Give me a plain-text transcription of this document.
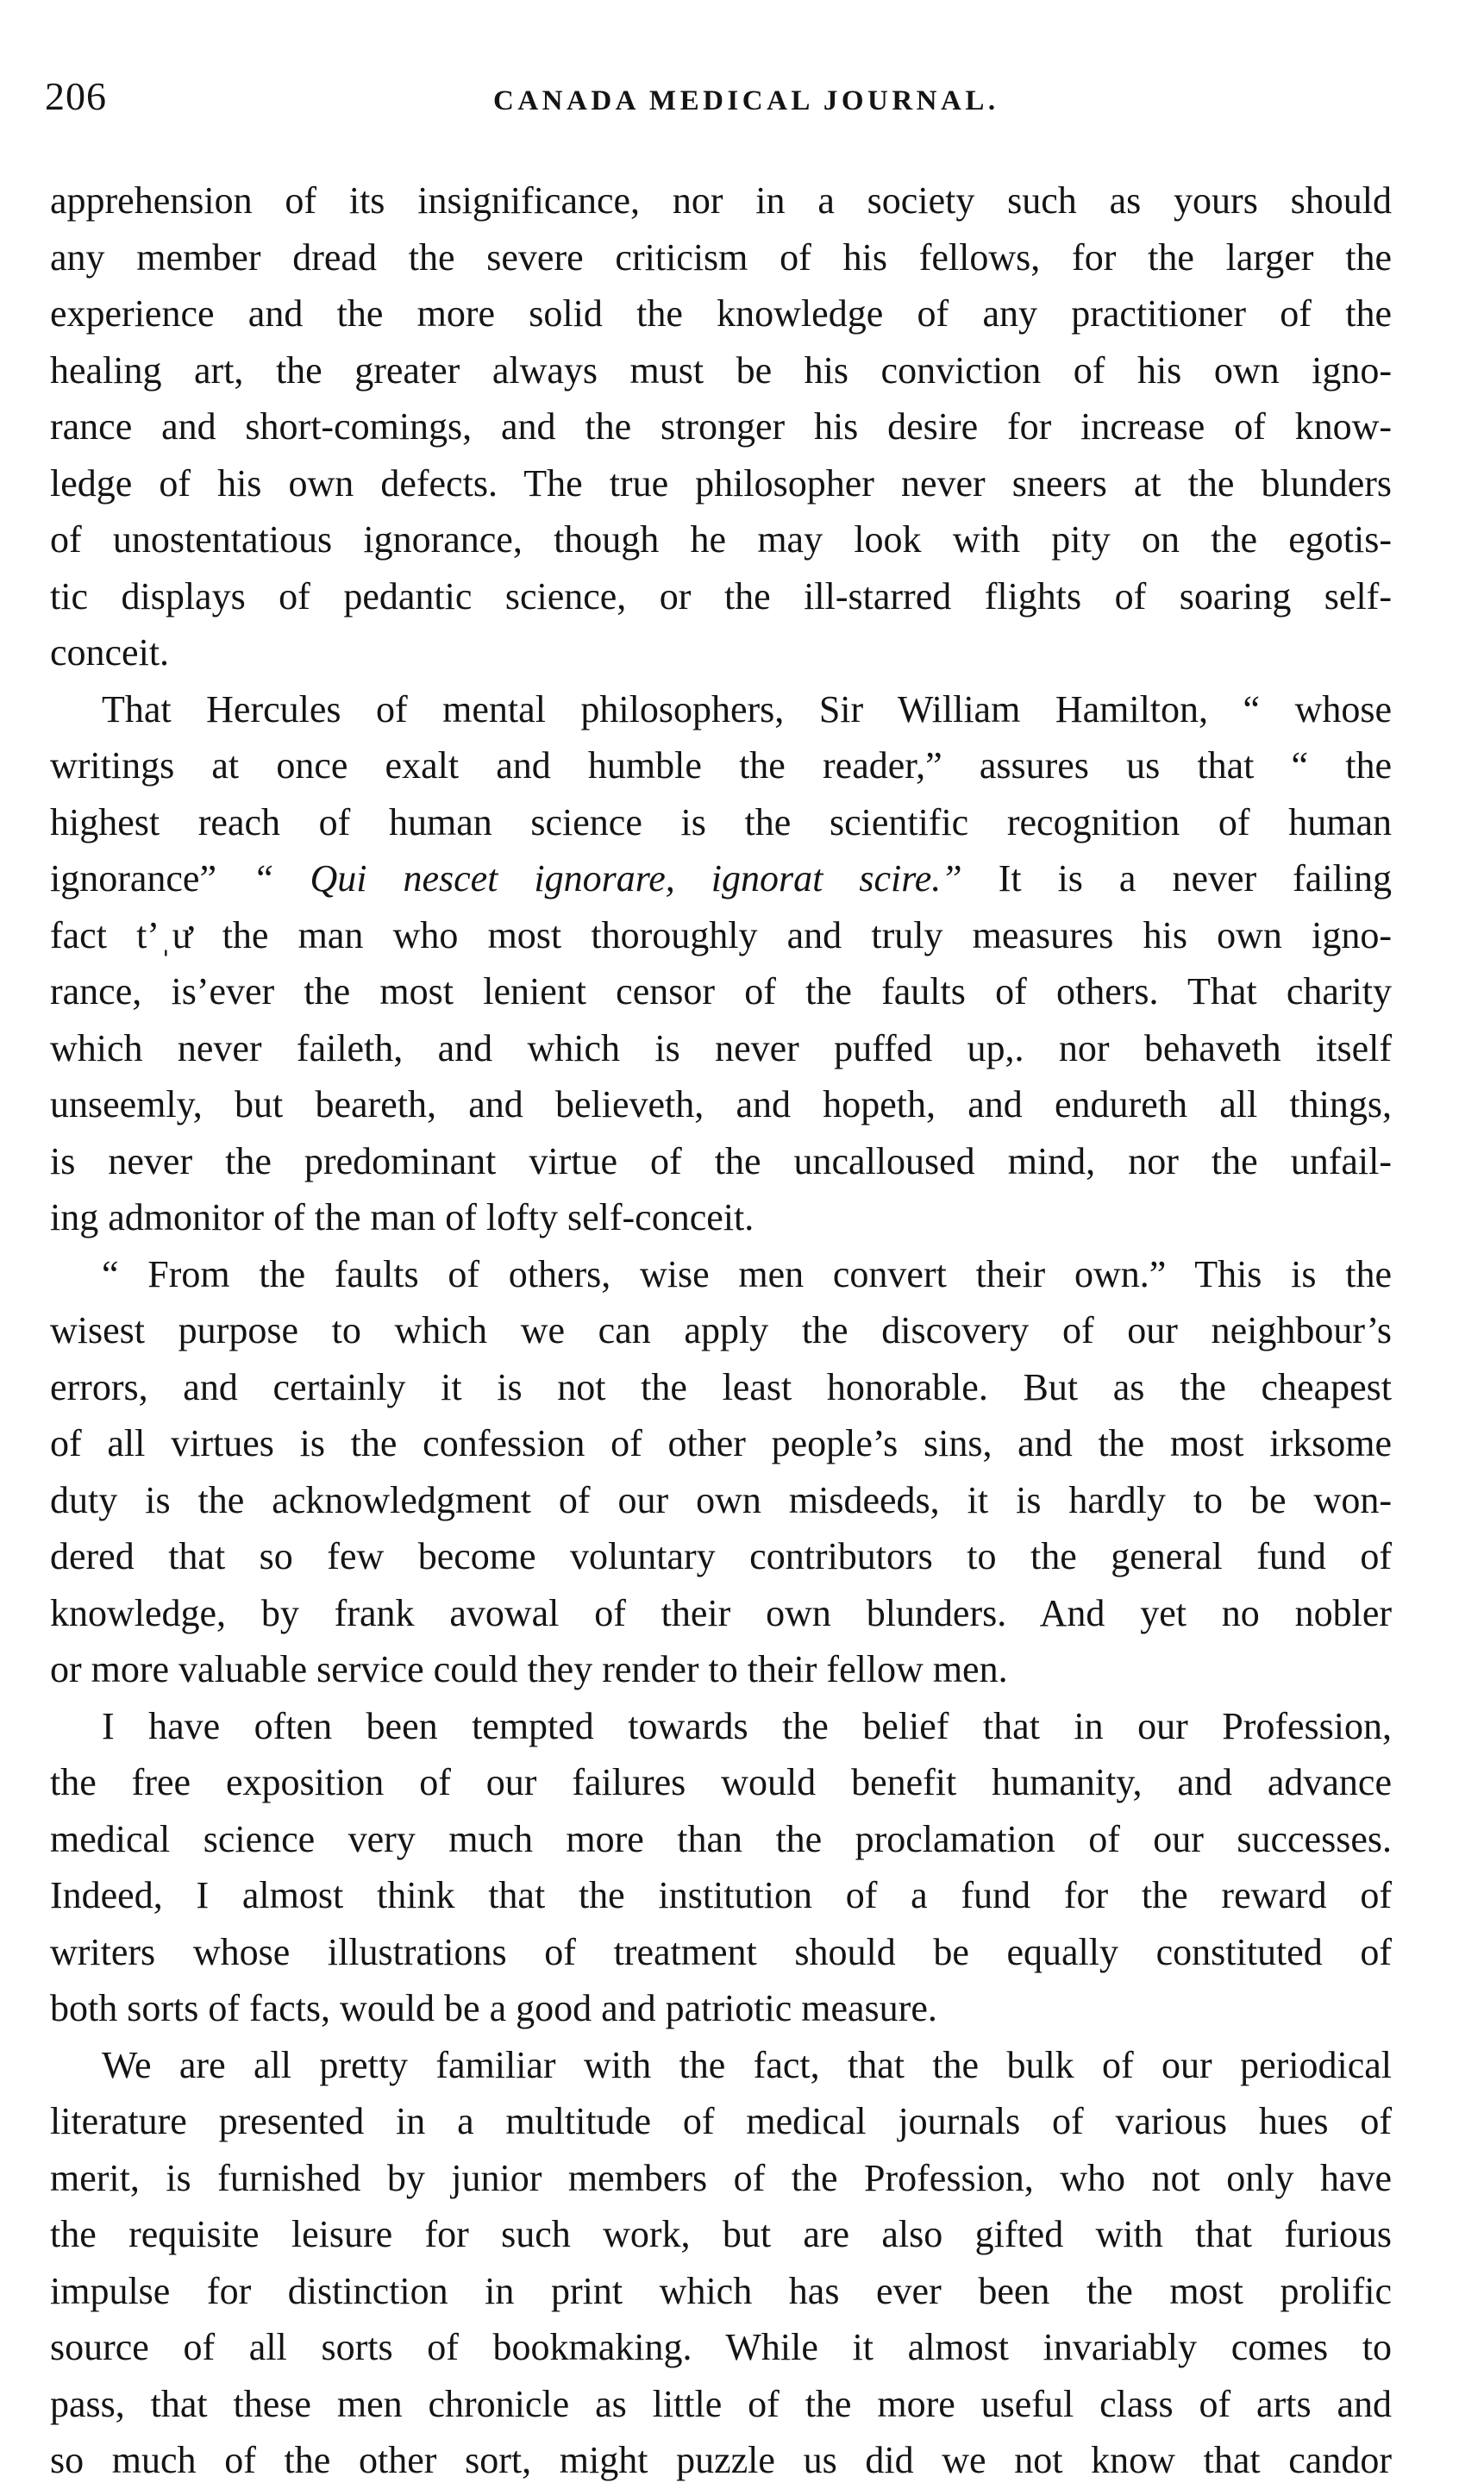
206	CANADA MEDICAL JOURNAL.
apprehension of its insignificance, nor in a society such as yours should
any member dread the severe criticism of his fellows, for the larger the
experience and the more solid the knowledge of any practitioner of the
healing art, the greater always must be his conviction of his own igno-
rance and short-comings, and the stronger his desire for increase of know-
ledge of his own defects. The true philosopher never sneers at the blunders
of unostentatious ignorance, though he may look with pity on the egotis-
tic displays of pedantic science, or the ill-starred flights of soaring self-
conceit.
That Hercules of mental philosophers, Sir William Hamilton, “ whose
writings at once exalt and humble the reader,” assures us that “ the
highest reach of human science is the scientific recognition of human
ignorance” “ Qui nescet ignorare, ignorat scire.” It is a never failing
fact t’ˌư the man who most thoroughly and truly measures his own igno-
rance, is’ever the most lenient censor of the faults of others. That charity
which never faileth, and which is never puffed up,. nor behaveth itself
unseemly, but beareth, and believeth, and hopeth, and endureth all things,
is never the predominant virtue of the uncalloused mind, nor the unfail-
ing admonitor of the man of lofty self-conceit.
“ From the faults of others, wise men convert their own.” This is the
wisest purpose to which we can apply the discovery of our neighbour’s
errors, and certainly it is not the least honorable. But as the cheapest
of all virtues is the confession of other people’s sins, and the most irksome
duty is the acknowledgment of our own misdeeds, it is hardly to be won-
dered that so few become voluntary contributors to the general fund of
knowledge, by frank avowal of their own blunders. And yet no nobler
or more valuable service could they render to their fellow men.
I have often been tempted towards the belief that in our Profession,
the free exposition of our failures would benefit humanity, and advance
medical science very much more than the proclamation of our successes.
Indeed, I almost think that the institution of a fund for the reward of
writers whose illustrations of treatment should be equally constituted of
both sorts of facts, would be a good and patriotic measure.
We are all pretty familiar with the fact, that the bulk of our periodical
literature presented in a multitude of medical journals of various hues of
merit, is furnished by junior members of the Profession, who not only have
the requisite leisure for such work, but are also gifted with that furious
impulse for distinction in print which has ever been the most prolific
source of all sorts of bookmaking. While it almost invariably comes to
pass, that these men chronicle as little of the more useful class of arts and
so much of the other sort, might puzzle us did we not know that candor
